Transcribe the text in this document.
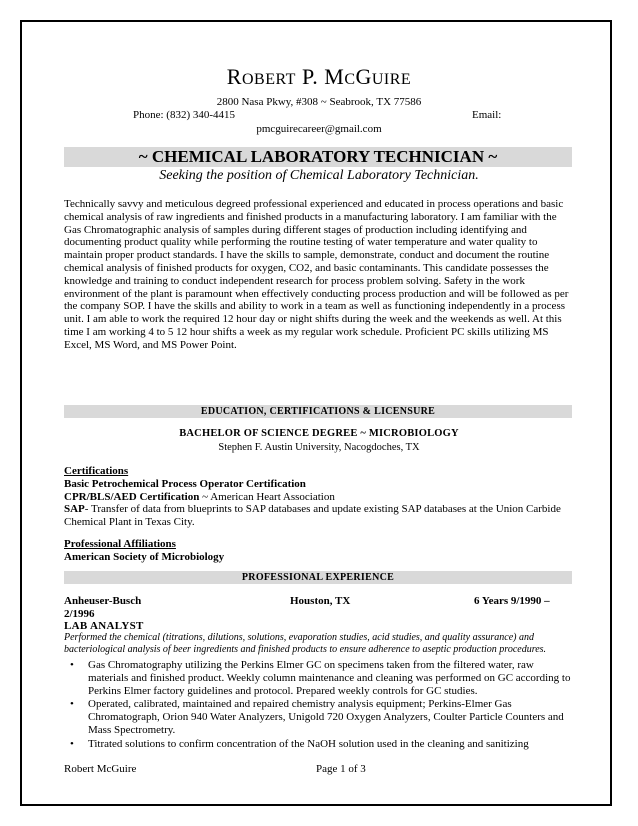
ROBERT P. MCGUIRE
2800 Nasa Pkwy, #308 ~ Seabrook, TX 77586
Phone: (832) 340-4415	Email:
pmcguirecareer@gmail.com
~ CHEMICAL LABORATORY TECHNICIAN ~
Seeking the position of Chemical Laboratory Technician.
Technically savvy and meticulous degreed professional experienced and educated in process operations and basic chemical analysis of raw ingredients and finished products in a manufacturing laboratory. I am familiar with the Gas Chromatographic analysis of samples during different stages of production including identifying and documenting product quality while performing the routine testing of water temperature and water quality to maintain proper product standards. I have the skills to sample, demonstrate, conduct and document the routine chemical analysis of finished products for oxygen, CO2, and basic contaminants. This candidate possesses the knowledge and training to conduct independent research for process problem solving. Safety in the work environment of the plant is paramount when effectively conducting process production and will be followed as per the company SOP. I have the skills and ability to work in a team as well as functioning independently in a process unit. I am able to work the required 12 hour day or night shifts during the week and the weekends as well. At this time I am working 4 to 5 12 hour shifts a week as my regular work schedule. Proficient PC skills utilizing MS Excel, MS Word, and MS Power Point.
EDUCATION, CERTIFICATIONS & LICENSURE
BACHELOR OF SCIENCE DEGREE ~ MICROBIOLOGY
Stephen F. Austin University, Nacogdoches, TX
Certifications
Basic Petrochemical Process Operator Certification
CPR/BLS/AED Certification ~ American Heart Association
SAP- Transfer of data from blueprints to SAP databases and update existing SAP databases at the Union Carbide Chemical Plant in Texas City.
Professional Affiliations
American Society of Microbiology
PROFESSIONAL EXPERIENCE
Anheuser-Busch	Houston, TX	6 Years 9/1990 –
2/1996
LAB ANALYST
Performed the chemical (titrations, dilutions, solutions, evaporation studies, acid studies, and quality assurance) and bacteriological analysis of beer ingredients and finished products to ensure adherence to aseptic production procedures.
• Gas Chromatography utilizing the Perkins Elmer GC on specimens taken from the filtered water, raw materials and finished product. Weekly column maintenance and cleaning was performed on GC according to Perkins Elmer factory guidelines and protocol. Prepared weekly controls for GC studies.
• Operated, calibrated, maintained and repaired chemistry analysis equipment; Perkins-Elmer Gas Chromatograph, Orion 940 Water Analyzers, Unigold 720 Oxygen Analyzers, Coulter Particle Counters and Mass Spectrometry.
• Titrated solutions to confirm concentration of the NaOH solution used in the cleaning and sanitizing
Robert McGuire	Page 1 of 3
